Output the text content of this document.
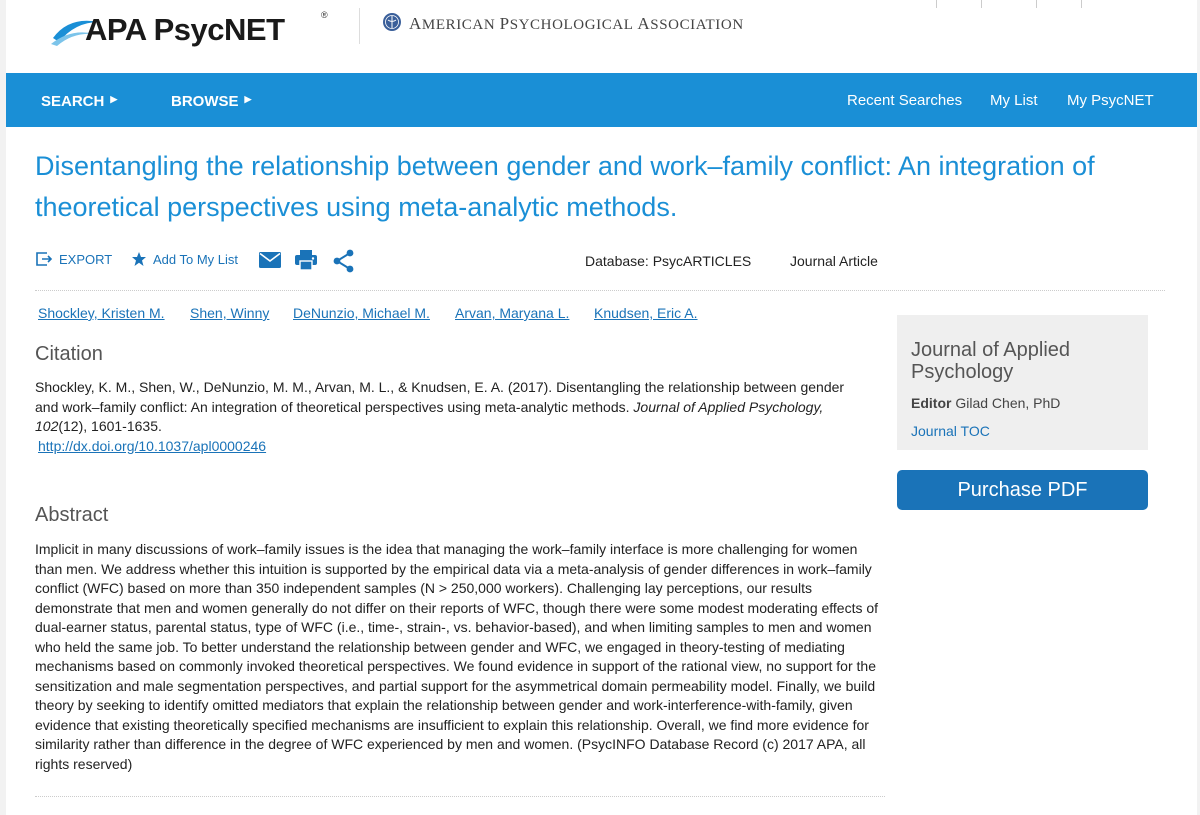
APA PsycNET	®	AMERICAN PSYCHOLOGICAL ASSOCIATION
SEARCH ▶	BROWSE ▶	Recent Searches My List My PsycNET
Disentangling the relationship between gender and work–family conflict: An integration of theoretical perspectives using meta-analytic methods.
EXPORT	Add To My List	Database: PsycARTICLES	Journal Article
Shockley, Kristen M. Shen, Winny DeNunzio, Michael M. Arvan, Maryana L. Knudsen, Eric A.
Citation

Shockley, K. M., Shen, W., DeNunzio, M. M., Arvan, M. L., & Knudsen, E. A. (2017). Disentangling the relationship between gender and work–family conflict: An integration of theoretical perspectives using meta-analytic methods. Journal of Applied Psychology, 102(12), 1601-1635.
http://dx.doi.org/10.1037/apl0000246

Abstract

Implicit in many discussions of work–family issues is the idea that managing the work–family interface is more challenging for women than men. We address whether this intuition is supported by the empirical data via a meta-analysis of gender differences in work–family conflict (WFC) based on more than 350 independent samples (N > 250,000 workers). Challenging lay perceptions, our results demonstrate that men and women generally do not differ on their reports of WFC, though there were some modest moderating effects of dual-earner status, parental status, type of WFC (i.e., time-, strain-, vs. behavior-based), and when limiting samples to men and women who held the same job. To better understand the relationship between gender and WFC, we engaged in theory-testing of mediating mechanisms based on commonly invoked theoretical perspectives. We found evidence in support of the rational view, no support for the sensitization and male segmentation perspectives, and partial support for the asymmetrical domain permeability model. Finally, we build theory by seeking to identify omitted mediators that explain the relationship between gender and work-interference-with-family, given evidence that existing theoretically specified mechanisms are insufficient to explain this relationship. Overall, we find more evidence for similarity rather than difference in the degree of WFC experienced by men and women. (PsycINFO Database Record (c) 2017 APA, all rights reserved)

Journal of Applied Psychology
Editor Gilad Chen, PhD
Journal TOC
Purchase PDF
